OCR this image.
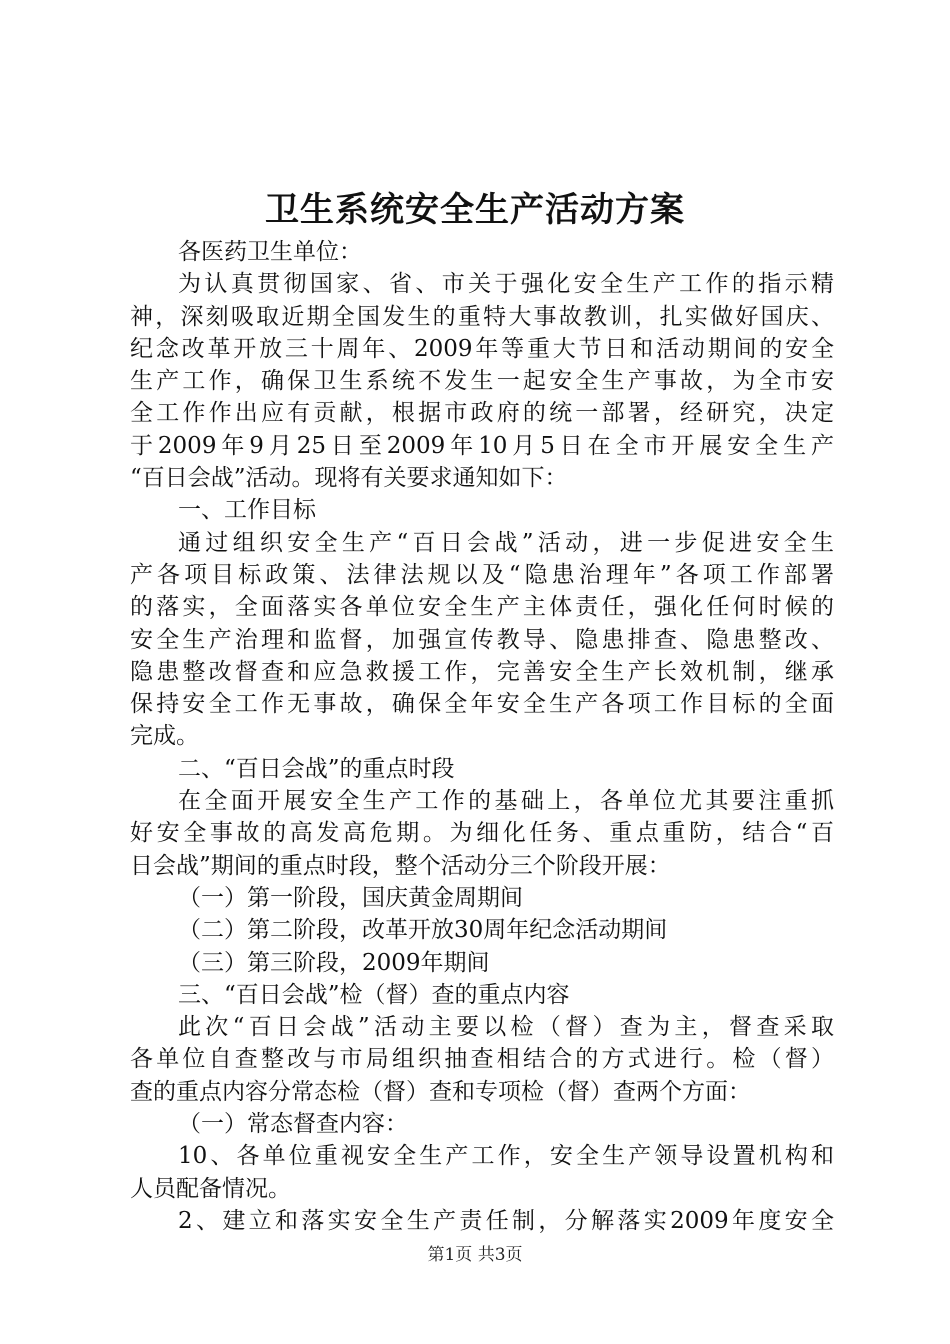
卫生系统安全生产活动方案
各医药卫生单位：
为认真贯彻国家、省、市关于强化安全生产工作的指示精
神，深刻吸取近期全国发生的重特大事故教训，扎实做好国庆、
纪念改革开放三十周年、2009年等重大节日和活动期间的安全
生产工作，确保卫生系统不发生一起安全生产事故，为全市安
全工作作出应有贡献，根据市政府的统一部署，经研究，决定
于2009年9月25日至2009年10月5日在全市开展安全生产
“百日会战”活动。现将有关要求通知如下：
一、工作目标
通过组织安全生产“百日会战”活动，进一步促进安全生
产各项目标政策、法律法规以及“隐患治理年”各项工作部署
的落实，全面落实各单位安全生产主体责任，强化任何时候的
安全生产治理和监督，加强宣传教导、隐患排查、隐患整改、
隐患整改督查和应急救援工作，完善安全生产长效机制，继承
保持安全工作无事故，确保全年安全生产各项工作目标的全面
完成。
二、“百日会战”的重点时段
在全面开展安全生产工作的基础上，各单位尤其要注重抓
好安全事故的高发高危期。为细化任务、重点重防，结合“百
日会战”期间的重点时段，整个活动分三个阶段开展：
（一）第一阶段，国庆黄金周期间
（二）第二阶段，改革开放30周年纪念活动期间
（三）第三阶段，2009年期间
三、“百日会战”检（督）查的重点内容
此次“百日会战”活动主要以检（督）查为主，督查采取
各单位自查整改与市局组织抽查相结合的方式进行。检（督）
查的重点内容分常态检（督）查和专项检（督）查两个方面：
（一）常态督查内容：
10、各单位重视安全生产工作，安全生产领导设置机构和
人员配备情况。
2、建立和落实安全生产责任制，分解落实2009年度安全
第1页 共3页
